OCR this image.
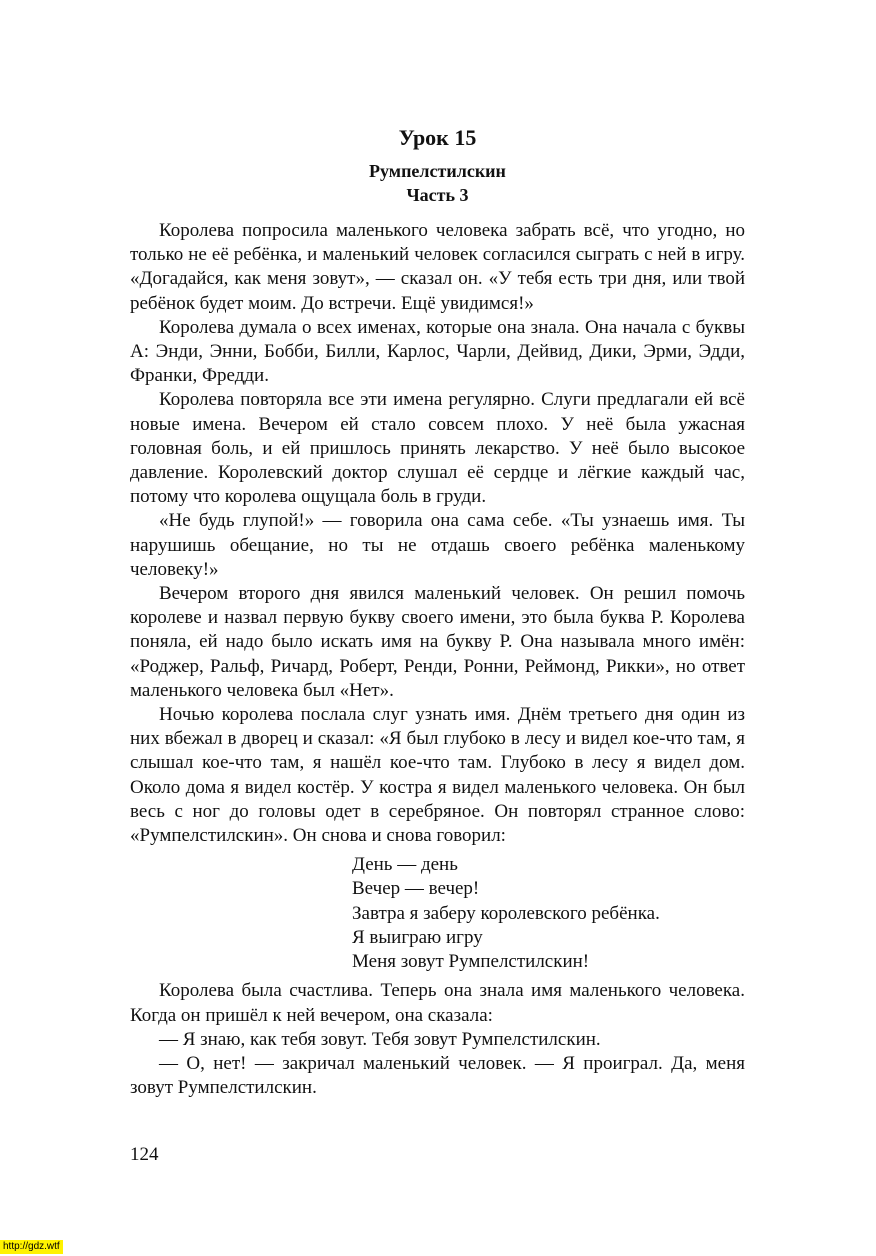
Урок 15
Румпелстилскин
Часть 3

Королева попросила маленького человека забрать всё, что угодно, но только не её ребёнка, и маленький человек согласился сыграть с ней в игру. «Догадайся, как меня зовут», — сказал он. «У тебя есть три дня, или твой ребёнок будет моим. До встречи. Ещё увидимся!»

Королева думала о всех именах, которые она знала. Она начала с буквы А: Энди, Энни, Бобби, Билли, Карлос, Чарли, Дейвид, Дики, Эрми, Эдди, Франки, Фредди.

Королева повторяла все эти имена регулярно. Слуги предлагали ей всё новые имена. Вечером ей стало совсем плохо. У неё была ужасная головная боль, и ей пришлось принять лекарство. У неё было высокое давление. Королевский доктор слушал её сердце и лёгкие каждый час, потому что королева ощущала боль в груди.

«Не будь глупой!» — говорила она сама себе. «Ты узнаешь имя. Ты нарушишь обещание, но ты не отдашь своего ребёнка маленькому человеку!»

Вечером второго дня явился маленький человек. Он решил помочь королеве и назвал первую букву своего имени, это была буква Р. Королева поняла, ей надо было искать имя на букву Р. Она называла много имён: «Роджер, Ральф, Ричард, Роберт, Ренди, Ронни, Реймонд, Рикки», но ответ маленького человека был «Нет».

Ночью королева послала слуг узнать имя. Днём третьего дня один из них вбежал в дворец и сказал: «Я был глубоко в лесу и видел кое-что там, я слышал кое-что там, я нашёл кое-что там. Глубоко в лесу я видел дом. Около дома я видел костёр. У костра я видел маленького человека. Он был весь с ног до головы одет в серебряное. Он повторял странное слово: «Румпелстилскин». Он снова и снова говорил:

День — день
Вечер — вечер!
Завтра я заберу королевского ребёнка.
Я выиграю игру
Меня зовут Румпелстилскин!

Королева была счастлива. Теперь она знала имя маленького человека. Когда он пришёл к ней вечером, она сказала:

— Я знаю, как тебя зовут. Тебя зовут Румпелстилскин.

— О, нет! — закричал маленький человек. — Я проиграл. Да, меня зовут Румпелстилскин.

124
http://gdz.wtf
